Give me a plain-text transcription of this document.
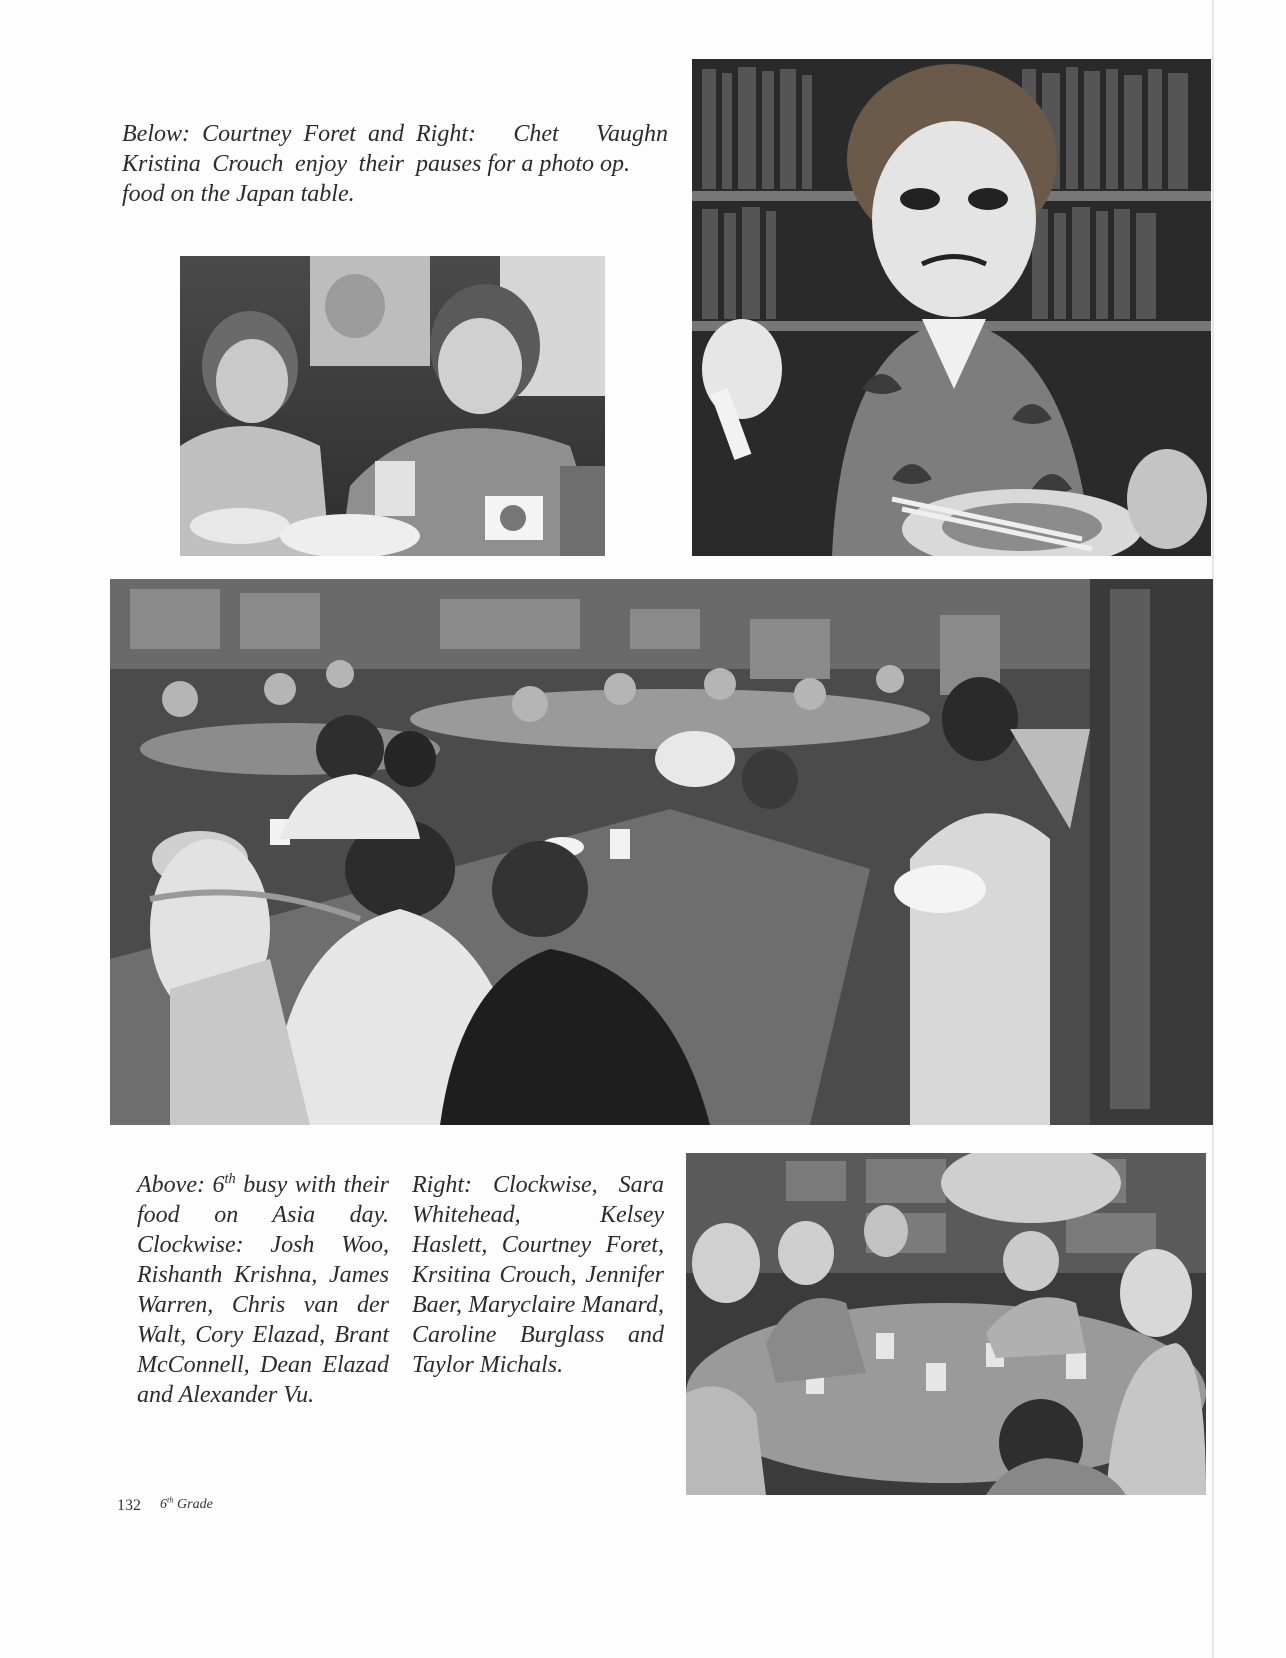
Below: Courtney Foret and Kristina Crouch enjoy their food on the Japan table.

Right: Chet Vaughn pauses for a photo op.

Above: 6th busy with their food on Asia day. Clockwise: Josh Woo, Rishanth Krishna, James Warren, Chris van der Walt, Cory Elazad, Brant McConnell, Dean Elazad and Alexander Vu.

Right: Clockwise, Sara Whitehead, Kelsey Haslett, Courtney Foret, Krsitina Crouch, Jennifer Baer, Maryclaire Manard, Caroline Burglass and Taylor Michals.

132 6th Grade
